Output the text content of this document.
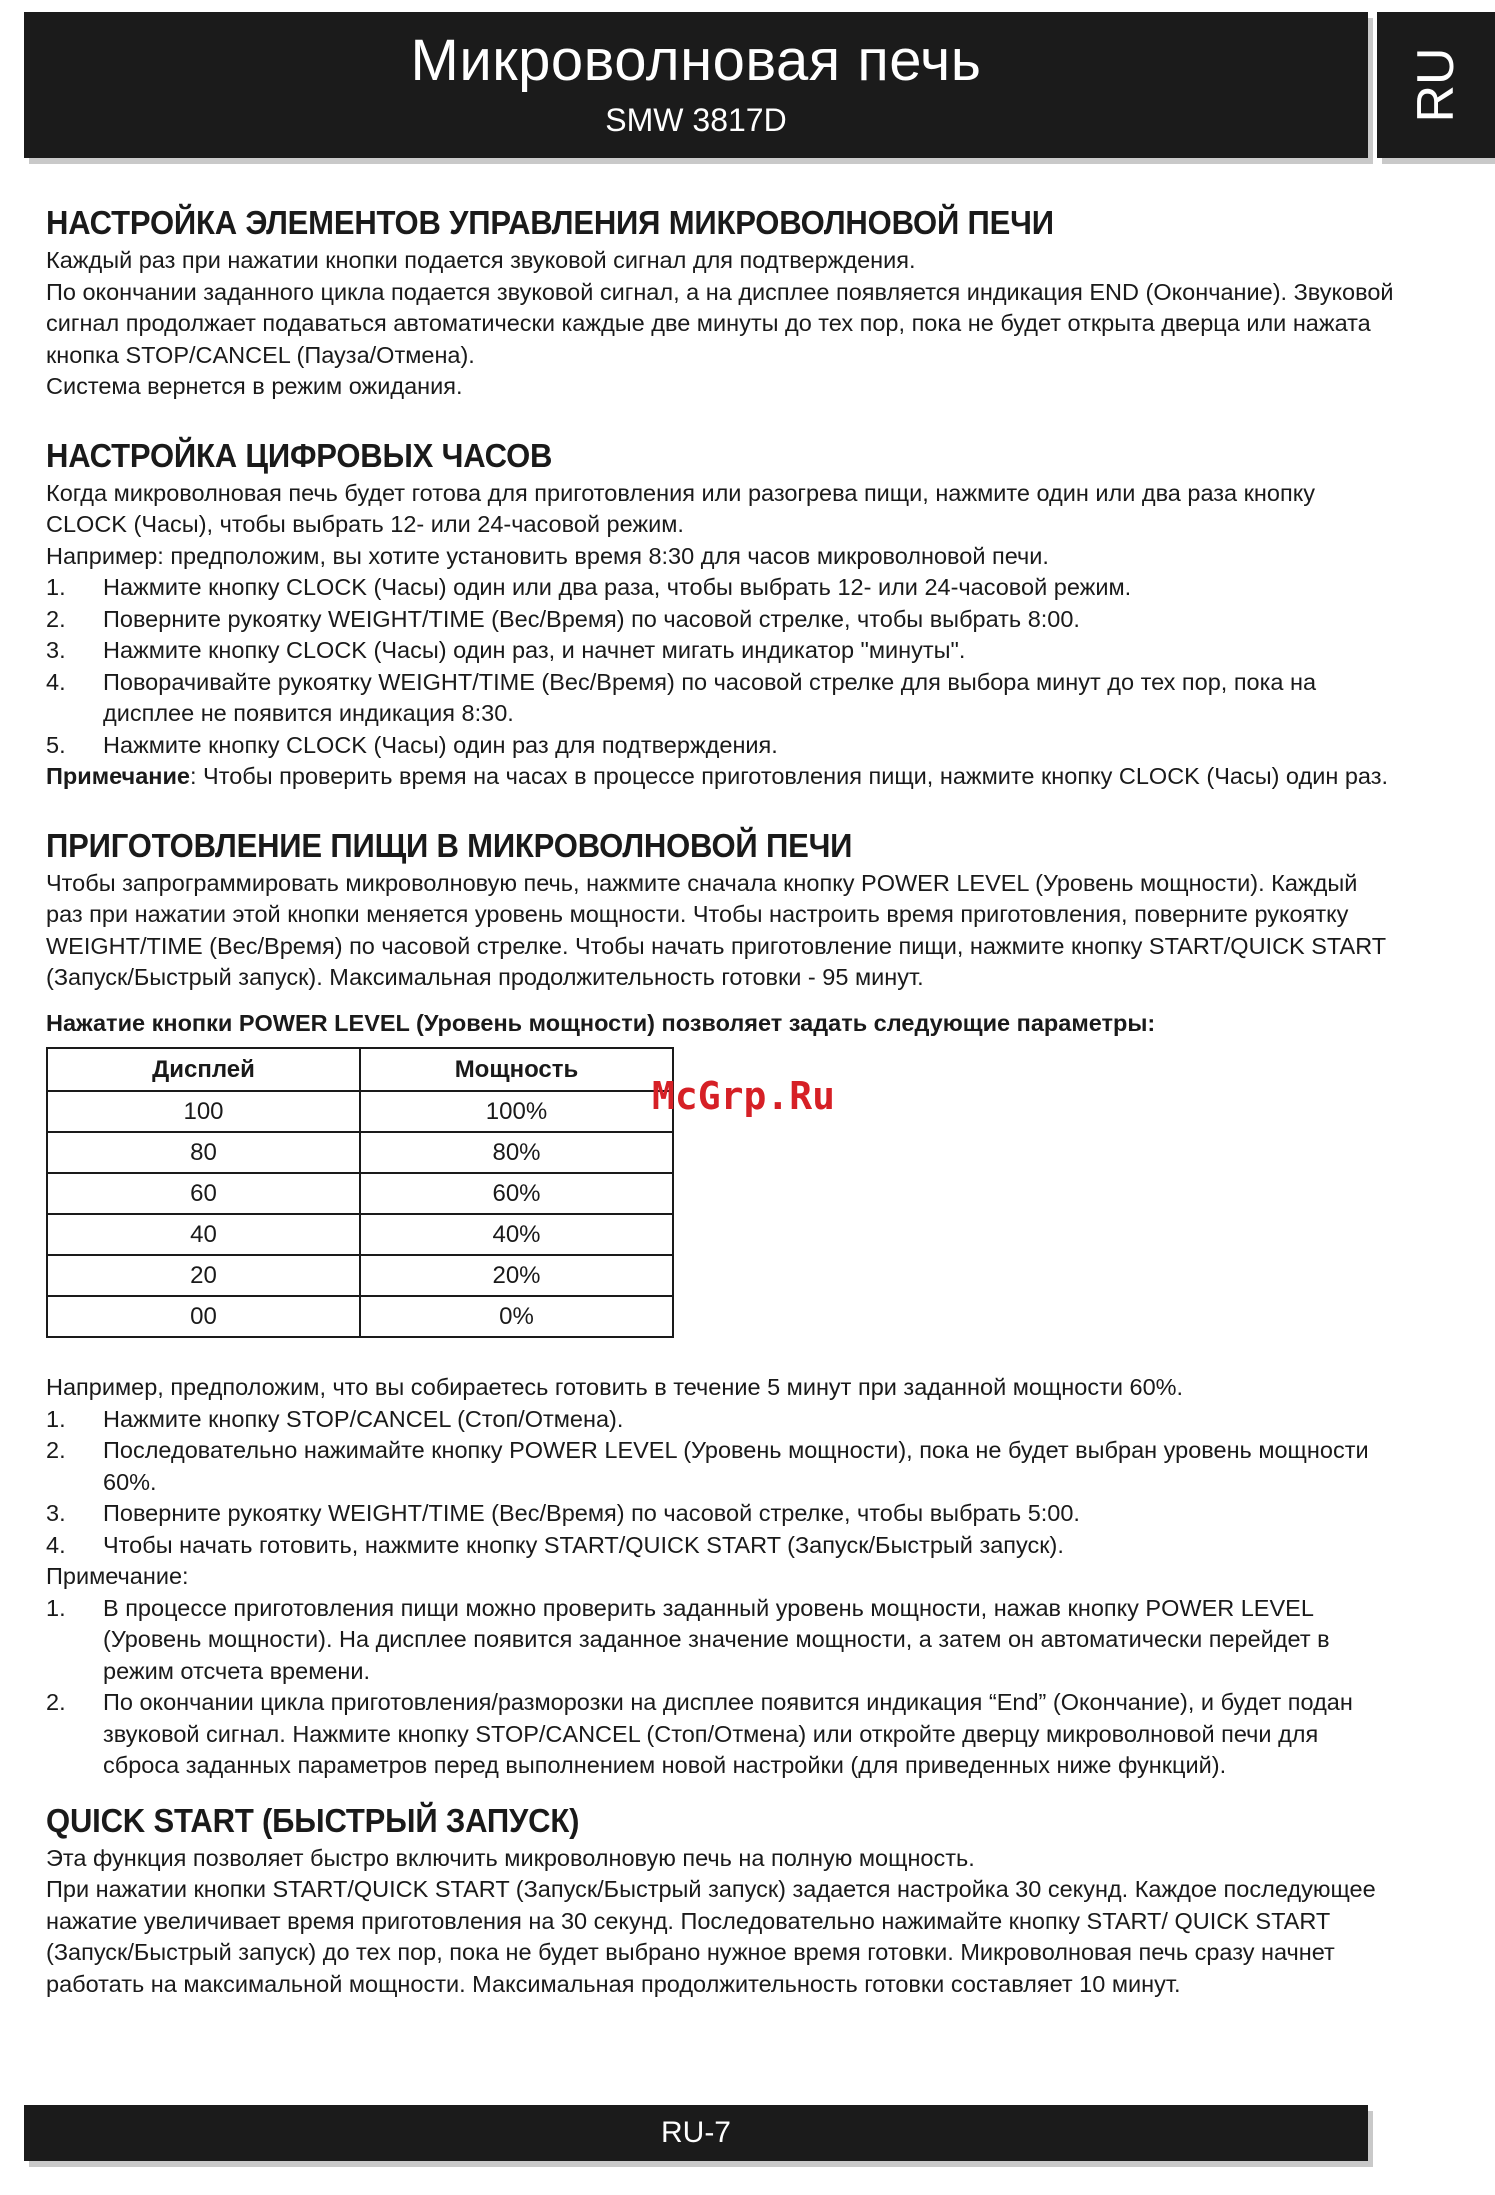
Микроволновая печь
SMW 3817D	RU
НАСТРОЙКА ЭЛЕМЕНТОВ УПРАВЛЕНИЯ МИКРОВОЛНОВОЙ ПЕЧИ

Каждый раз при нажатии кнопки подается звуковой сигнал для подтверждения.

По окончании заданного цикла подается звуковой сигнал, а на дисплее появляется индикация END (Окончание). Звуковой сигнал продолжает подаваться автоматически каждые две минуты до тех пор, пока не будет открыта дверца или нажата кнопка STOP/CANCEL (Пауза/Отмена).

Система вернется в режим ожидания.

НАСТРОЙКА ЦИФРОВЫХ ЧАСОВ

Когда микроволновая печь будет готова для приготовления или разогрева пищи, нажмите один или два раза кнопку CLOCK (Часы), чтобы выбрать 12- или 24-часовой режим.

Например: предположим, вы хотите установить время 8:30 для часов микроволновой печи.

1. Нажмите кнопку CLOCK (Часы) один или два раза, чтобы выбрать 12- или 24-часовой режим.
2. Поверните рукоятку WEIGHT/TIME (Вес/Время) по часовой стрелке, чтобы выбрать 8:00.
3. Нажмите кнопку CLOCK (Часы) один раз, и начнет мигать индикатор "минуты".
4. Поворачивайте рукоятку WEIGHT/TIME (Вес/Время) по часовой стрелке для выбора минут до тех пор, пока на дисплее не появится индикация 8:30.
5. Нажмите кнопку CLOCK (Часы) один раз для подтверждения.

Примечание: Чтобы проверить время на часах в процессе приготовления пищи, нажмите кнопку CLOCK (Часы) один раз.

ПРИГОТОВЛЕНИЕ ПИЩИ В МИКРОВОЛНОВОЙ ПЕЧИ

Чтобы запрограммировать микроволновую печь, нажмите сначала кнопку POWER LEVEL (Уровень мощности). Каждый раз при нажатии этой кнопки меняется уровень мощности. Чтобы настроить время приготовления, поверните рукоятку WEIGHT/TIME (Вес/Время) по часовой стрелке. Чтобы начать приготовление пищи, нажмите кнопку START/QUICK START (Запуск/Быстрый запуск). Максимальная продолжительность готовки - 95 минут.

Нажатие кнопки POWER LEVEL (Уровень мощности) позволяет задать следующие параметры:
Дисплей	Мощность
100	100%
80	80%
60	60%
40	40%
20	20%
00	0%

Например, предположим, что вы собираетесь готовить в течение 5 минут при заданной мощности 60%.

1. Нажмите кнопку STOP/CANCEL (Стоп/Отмена).
2. Последовательно нажимайте кнопку POWER LEVEL (Уровень мощности), пока не будет выбран уровень мощности 60%.
3. Поверните рукоятку WEIGHT/TIME (Вес/Время) по часовой стрелке, чтобы выбрать 5:00.
4. Чтобы начать готовить, нажмите кнопку START/QUICK START (Запуск/Быстрый запуск).

Примечание:

1. В процессе приготовления пищи можно проверить заданный уровень мощности, нажав кнопку POWER LEVEL (Уровень мощности). На дисплее появится заданное значение мощности, а затем он автоматически перейдет в режим отсчета времени.
2. По окончании цикла приготовления/разморозки на дисплее появится индикация “End” (Окончание), и будет подан звуковой сигнал. Нажмите кнопку STOP/CANCEL (Стоп/Отмена) или откройте дверцу микроволновой печи для сброса заданных параметров перед выполнением новой настройки (для приведенных ниже функций).
QUICK START (БЫСТРЫЙ ЗАПУСК)

Эта функция позволяет быстро включить микроволновую печь на полную мощность.

При нажатии кнопки START/QUICK START (Запуск/Быстрый запуск) задается настройка 30 секунд. Каждое последующее нажатие увеличивает время приготовления на 30 секунд. Последовательно нажимайте кнопку START/ QUICK START (Запуск/Быстрый запуск) до тех пор, пока не будет выбрано нужное время готовки. Микроволновая печь сразу начнет работать на максимальной мощности. Максимальная продолжительность готовки составляет 10 минут.

McGrp.Ru
RU-7
